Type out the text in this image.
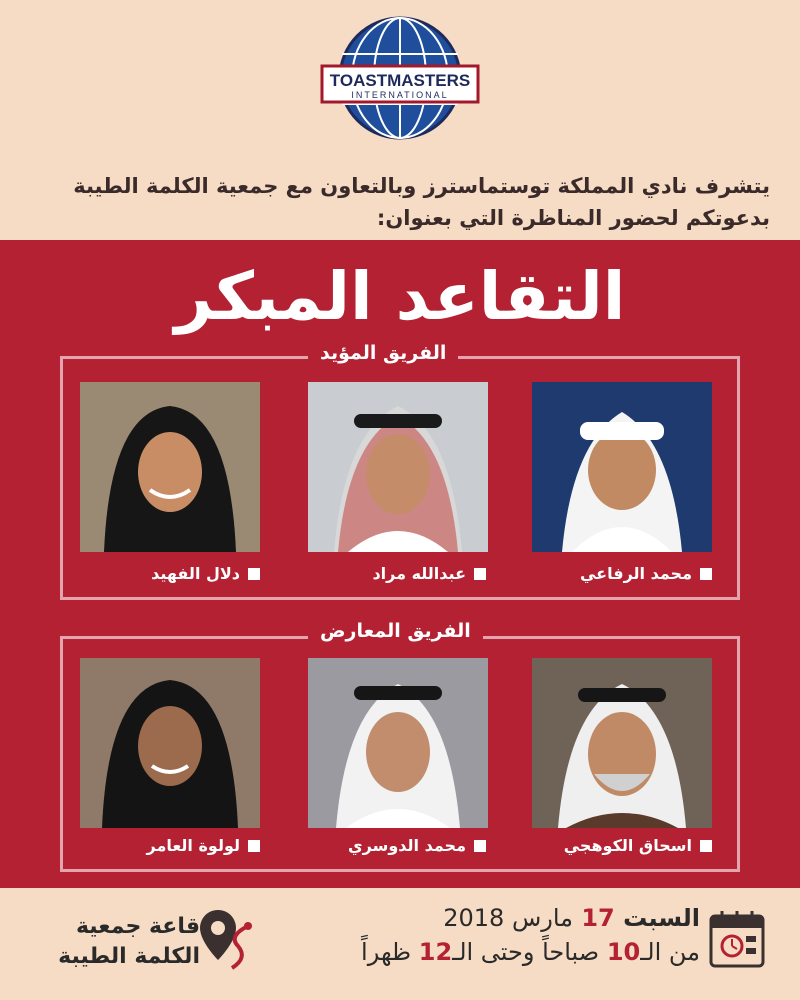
TOASTMASTERS
INTERNATIONAL
يتشرف نادي المملكة توستماسترز وبالتعاون مع جمعية الكلمة الطيبة
بدعوتكم لحضور المناظرة التي بعنوان:
التقاعد المبكر
الفريق المؤيد
محمد الرفاعي
عبدالله مراد
دلال الفهيد
الفريق المعارض
اسحاق الكوهجي
محمد الدوسري
لولوة العامر
السبت 17 مارس 2018
من الـ10 صباحاً وحتى الـ12 ظهراً
قاعة جمعية
الكلمة الطيبة
